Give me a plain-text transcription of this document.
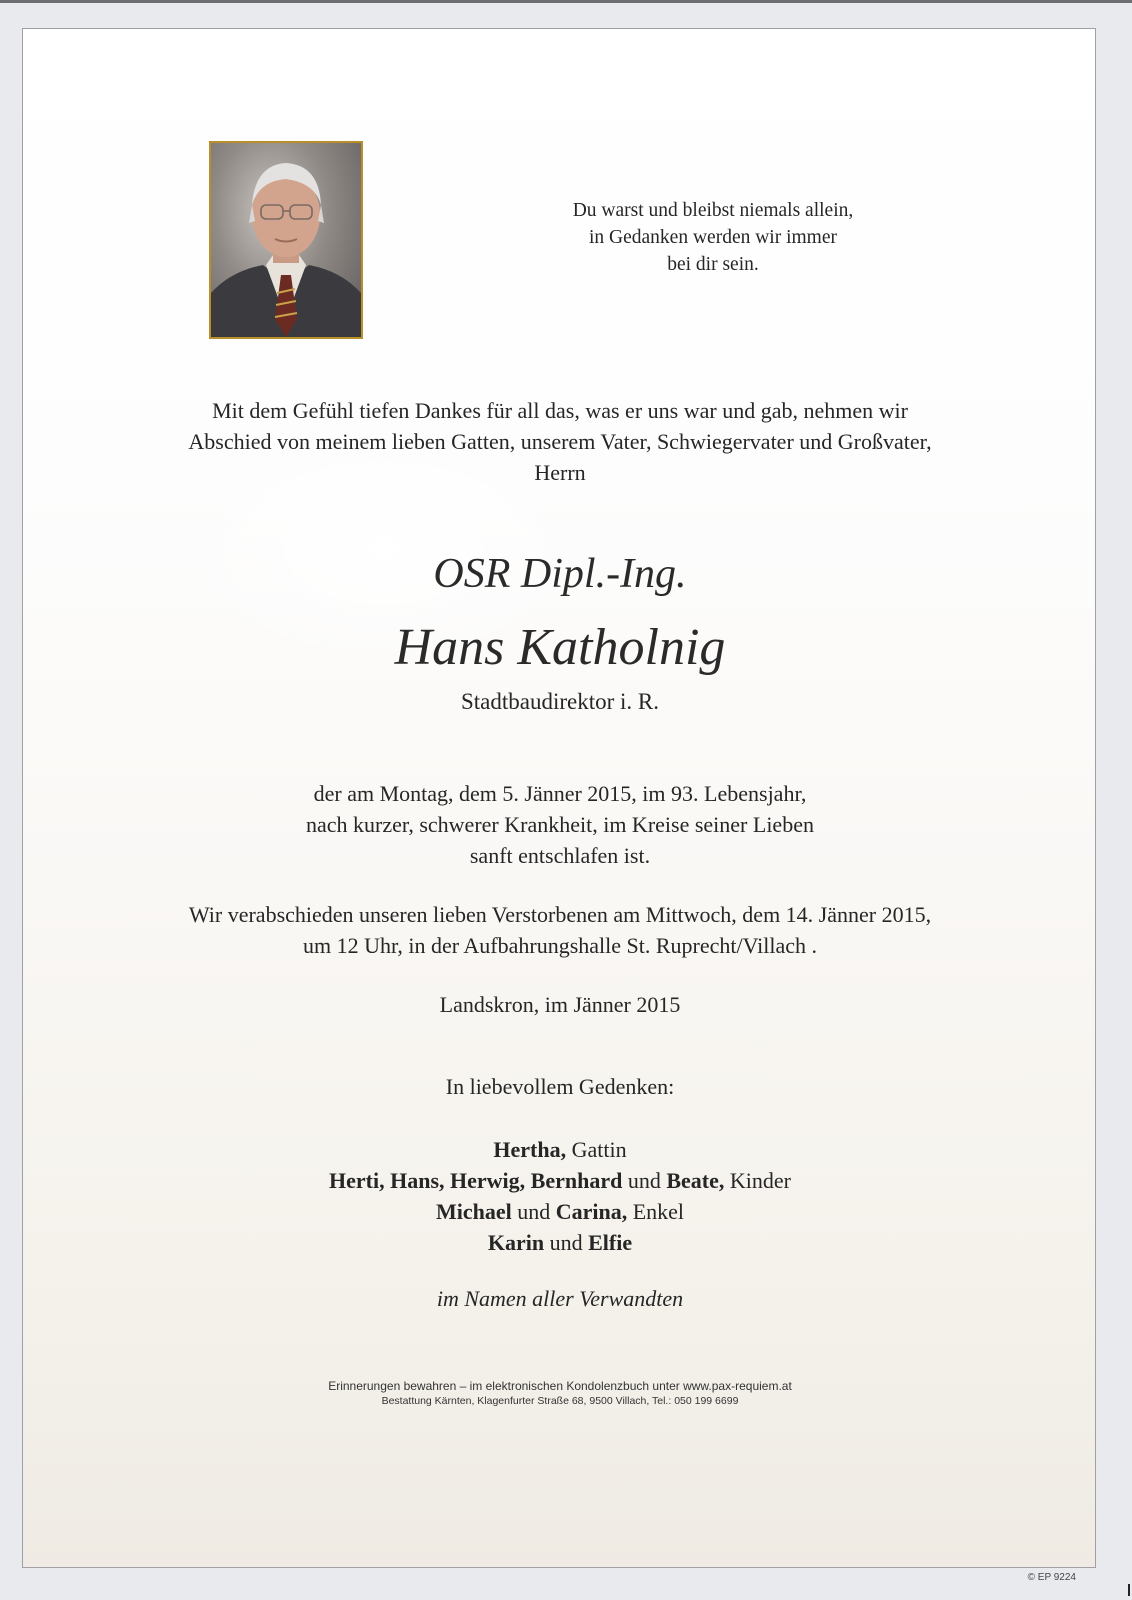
Du warst und bleibst niemals allein,
in Gedanken werden wir immer
bei dir sein.
Mit dem Gefühl tiefen Dankes für all das, was er uns war und gab, nehmen wir
Abschied von meinem lieben Gatten, unserem Vater, Schwiegervater und Großvater,
Herrn
OSR Dipl.-Ing.
Hans Katholnig
Stadtbaudirektor i. R.
der am Montag, dem 5. Jänner 2015, im 93. Lebensjahr,
nach kurzer, schwerer Krankheit, im Kreise seiner Lieben
sanft entschlafen ist.
Wir verabschieden unseren lieben Verstorbenen am Mittwoch, dem 14. Jänner 2015,
um 12 Uhr, in der Aufbahrungshalle St. Ruprecht/Villach .
Landskron, im Jänner 2015
In liebevollem Gedenken:
Hertha, Gattin
Herti, Hans, Herwig, Bernhard und Beate, Kinder
Michael und Carina, Enkel
Karin und Elfie
im Namen aller Verwandten
Erinnerungen bewahren – im elektronischen Kondolenzbuch unter www.pax-requiem.at
Bestattung Kärnten, Klagenfurter Straße 68, 9500 Villach, Tel.: 050 199 6699
© EP 9224
